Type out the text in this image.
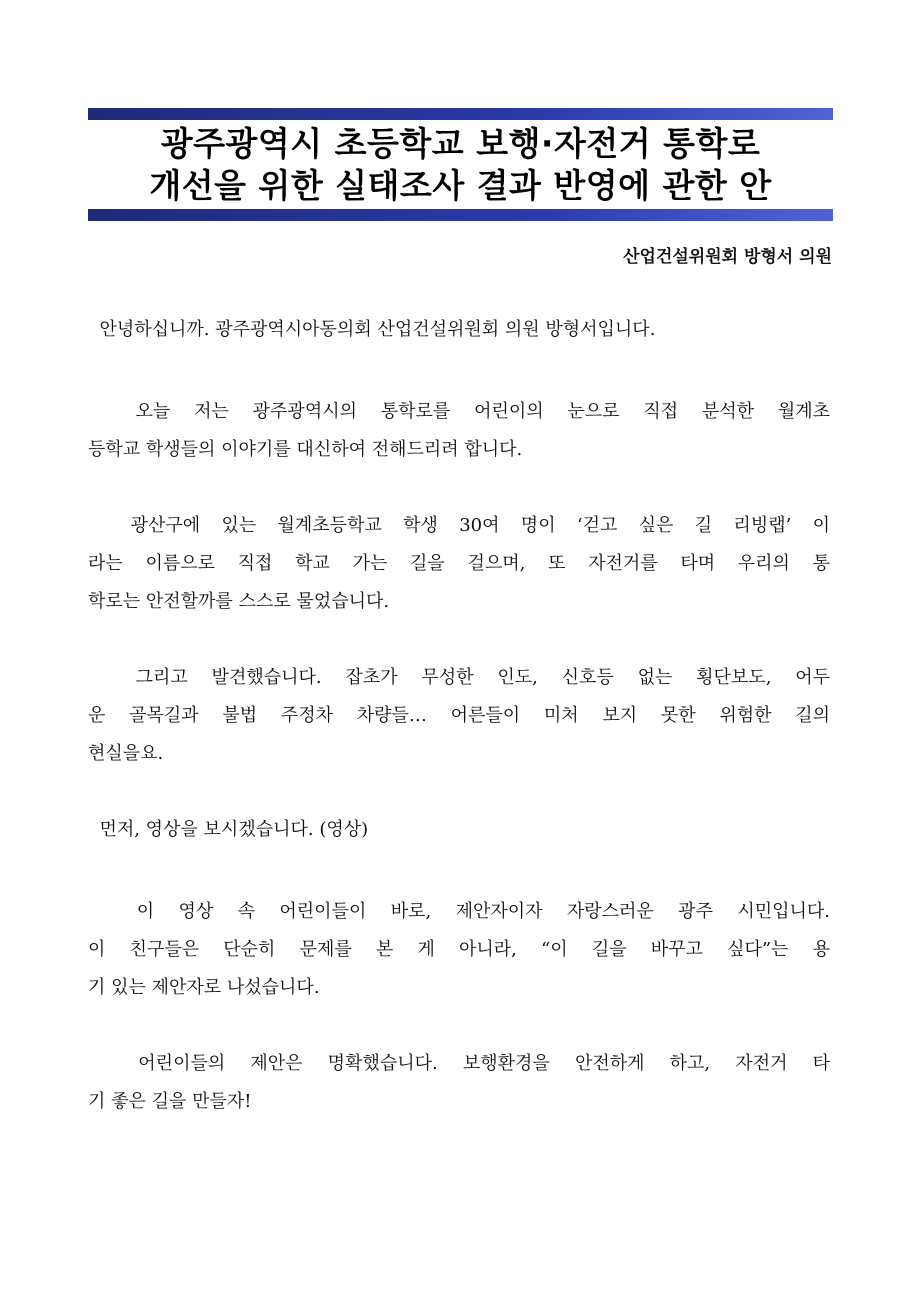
광주광역시 초등학교 보행·자전거 통학로
개선을 위한 실태조사 결과 반영에 관한 안
산업건설위원회 방형서 의원
안녕하십니까. 광주광역시아동의회 산업건설위원회 의원 방형서입니다.
오늘 저는 광주광역시의 통학로를 어린이의 눈으로 직접 분석한 월계초
등학교 학생들의 이야기를 대신하여 전해드리려 합니다.
광산구에 있는 월계초등학교 학생 30여 명이 ‘걷고 싶은 길 리빙랩’ 이
라는 이름으로 직접 학교 가는 길을 걸으며, 또 자전거를 타며 우리의 통
학로는 안전할까를 스스로 물었습니다.
그리고 발견했습니다. 잡초가 무성한 인도, 신호등 없는 횡단보도, 어두
운 골목길과 불법 주정차 차량들… 어른들이 미처 보지 못한 위험한 길의
현실을요.
먼저, 영상을 보시겠습니다. (영상)
이 영상 속 어린이들이 바로, 제안자이자 자랑스러운 광주 시민입니다.
이 친구들은 단순히 문제를 본 게 아니라, “이 길을 바꾸고 싶다”는 용
기 있는 제안자로 나섰습니다.
어린이들의 제안은 명확했습니다. 보행환경을 안전하게 하고, 자전거 타
기 좋은 길을 만들자!
